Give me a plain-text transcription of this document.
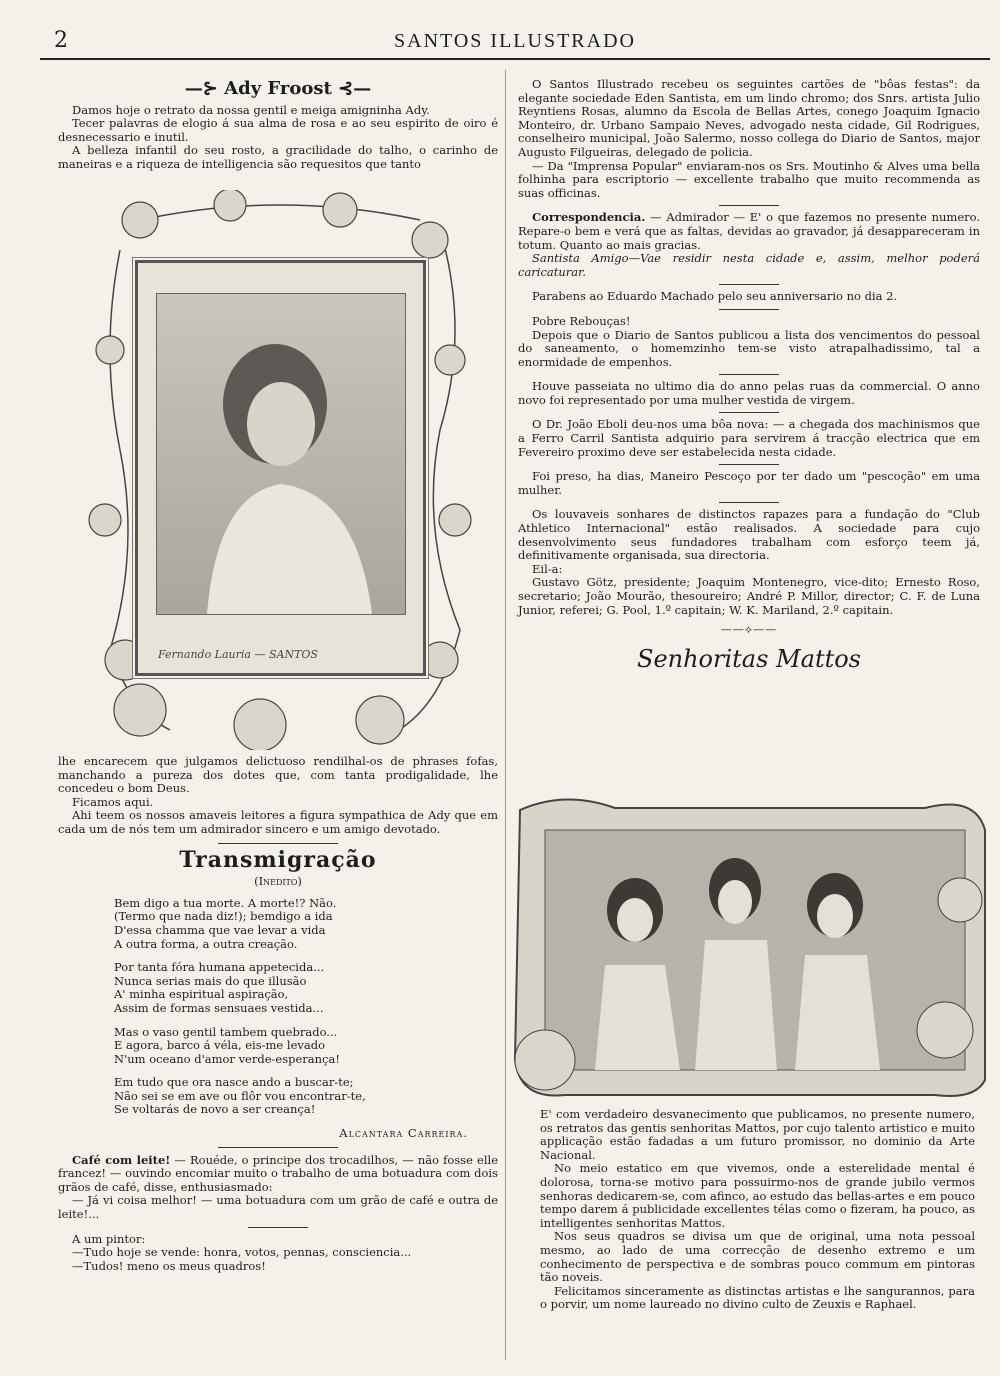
2	SANTOS ILLUSTRADO
—⊱ Ady Froost ⊰—

Damos hoje o retrato da nossa gentil e meiga amigninha Ady.

Tecer palavras de elogio á sua alma de rosa e ao seu espirito de oiro é desnecessario e inutil.

A belleza infantil do seu rosto, a gracilidade do talho, o carinho de maneiras e a riqueza de intelligencia são requesitos que tanto

Fernando Lauria — SANTOS

lhe encarecem que julgamos delictuoso rendilhal-os de phrases fofas, manchando a pureza dos dotes que, com tanta prodigalidade, lhe concedeu o bom Deus.

Ficamos aqui.

Ahi teem os nossos amaveis leitores a figura sympathica de Ady que em cada um de nós tem um admirador sincero e um amigo devotado.

Transmigração
(Inedito)

Bem digo a tua morte. A morte!? Não.

(Termo que nada diz!); bemdigo a ida

D'essa chamma que vae levar a vida

A outra forma, a outra creação.

Por tanta fóra humana appetecida...

Nunca serias mais do que illusão

A' minha espiritual aspiração,

Assim de formas sensuaes vestida...

Mas o vaso gentil tambem quebrado...

E agora, barco á véla, eis-me levado

N'um oceano d'amor verde-esperança!

Em tudo que ora nasce ando a buscar-te;

Não sei se em ave ou flôr vou encontrar-te,

Se voltarás de novo a ser creança!

Alcantara Carreira.

Café com leite! — Rouéde, o principe dos trocadilhos, — não fosse elle francez! — ouvindo encomiar muito o trabalho de uma botuadura com dois grãos de café, disse, enthusiasmado:

— Já vi coisa melhor! — uma botuadura com um grão de café e outra de leite!...

A um pintor:

—Tudo hoje se vende: honra, votos, pennas, consciencia...

—Tudos! meno os meus quadros!

O Santos Illustrado recebeu os seguintes cartões de "bôas festas": da elegante sociedade Eden Santista, em um lindo chromo; dos Snrs. artista Julio Reyntiens Rosas, alumno da Escola de Bellas Artes, conego Joaquim Ignacio Monteiro, dr. Urbano Sampaio Neves, advogado nesta cidade, Gil Rodrigues, conselheiro municipal, João Salermo, nosso collega do Diario de Santos, major Augusto Filgueiras, delegado de policia.

— Da "Imprensa Popular" enviaram-nos os Srs. Moutinho & Alves uma bella folhinha para escriptorio — excellente trabalho que muito recommenda as suas officinas.

Correspondencia. — Admirador — E' o que fazemos no presente numero. Repare-o bem e verá que as faltas, devidas ao gravador, já desappareceram in totum. Quanto ao mais gracias.

Santista Amigo—Vae residir nesta cidade e, assim, melhor poderá caricaturar.

Parabens ao Eduardo Machado pelo seu anniversario no dia 2.

Pobre Rebouças!

Depois que o Diario de Santos publicou a lista dos vencimentos do pessoal do saneamento, o homemzinho tem-se visto atrapalhadissimo, tal a enormidade de empenhos.

Houve passeiata no ultimo dia do anno pelas ruas da commercial. O anno novo foi representado por uma mulher vestida de virgem.

O Dr. João Eboli deu-nos uma bôa nova: — a chegada dos machinismos que a Ferro Carril Santista adquirio para servirem á tracção electrica que em Fevereiro proximo deve ser estabelecida nesta cidade.

Foi preso, ha dias, Maneiro Pescoço por ter dado um "pescoção" em uma mulher.

Os louvaveis sonhares de distinctos rapazes para a fundação do "Club Athletico Internacional" estão realisados. A sociedade para cujo desenvolvimento seus fundadores trabalham com esforço teem já, definitivamente organisada, sua directoria.

Eil-a:

Gustavo Götz, presidente; Joaquim Montenegro, vice-dito; Ernesto Roso, secretario; João Mourão, thesoureiro; André P. Millor, director; C. F. de Luna Junior, referei; G. Pool, 1.º capitain; W. K. Mariland, 2.º capitain.

——⟡——
Senhoritas Mattos

E' com verdadeiro desvanecimento que publicamos, no presente numero, os retratos das gentis senhoritas Mattos, por cujo talento artistico e muito applicação estão fadadas a um futuro promissor, no dominio da Arte Nacional.

No meio estatico em que vivemos, onde a esterelidade mental é dolorosa, torna-se motivo para possuirmo-nos de grande jubilo vermos senhoras dedicarem-se, com afinco, ao estudo das bellas-artes e em pouco tempo darem á publicidade excellentes télas como o fizeram, ha pouco, as intelligentes senhoritas Mattos.

Nos seus quadros se divisa um que de original, uma nota pessoal mesmo, ao lado de uma correcção de desenho extremo e um conhecimento de perspectiva e de sombras pouco commum em pintoras tão noveis.

Felicitamos sinceramente as distinctas artistas e lhe sangurannos, para o porvir, um nome laureado no divino culto de Zeuxis e Raphael.
